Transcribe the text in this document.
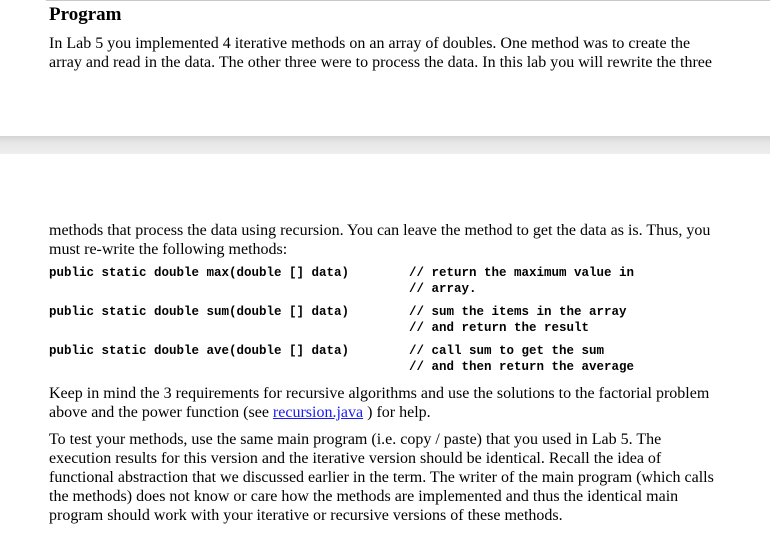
Program
In Lab 5 you implemented 4 iterative methods on an array of doubles. One method was to create the
array and read in the data. The other three were to process the data. In this lab you will rewrite the three
methods that process the data using recursion. You can leave the method to get the data as is. Thus, you
must re-write the following methods:
public static double max(double [] data)	// return the maximum value in
// array.
public static double sum(double [] data)	// sum the items in the array
// and return the result
public static double ave(double [] data)	// call sum to get the sum
// and then return the average
Keep in mind the 3 requirements for recursive algorithms and use the solutions to the factorial problem
above and the power function (see recursion.java ) for help.
To test your methods, use the same main program (i.e. copy / paste) that you used in Lab 5. The
execution results for this version and the iterative version should be identical. Recall the idea of
functional abstraction that we discussed earlier in the term. The writer of the main program (which calls
the methods) does not know or care how the methods are implemented and thus the identical main
program should work with your iterative or recursive versions of these methods.
